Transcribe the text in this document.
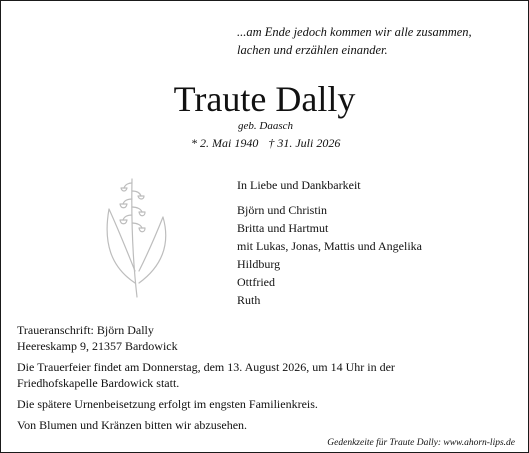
...am Ende jedoch kommen wir alle zusammen,
lachen und erzählen einander.
Traute Dally
geb. Daasch
* 2. Mai 1940 † 31. Juli 2026
In Liebe und Dankbarkeit
Björn und Christin
Britta und Hartmut
mit Lukas, Jonas, Mattis und Angelika
Hildburg
Ottfried
Ruth
Traueranschrift: Björn Dally
Heereskamp 9, 21357 Bardowick
Die Trauerfeier findet am Donnerstag, dem 13. August 2026, um 14 Uhr in der
Friedhofskapelle Bardowick statt.
Die spätere Urnenbeisetzung erfolgt im engsten Familienkreis.
Von Blumen und Kränzen bitten wir abzusehen.
Gedenkzeite für Traute Dally: www.ahorn-lips.de
